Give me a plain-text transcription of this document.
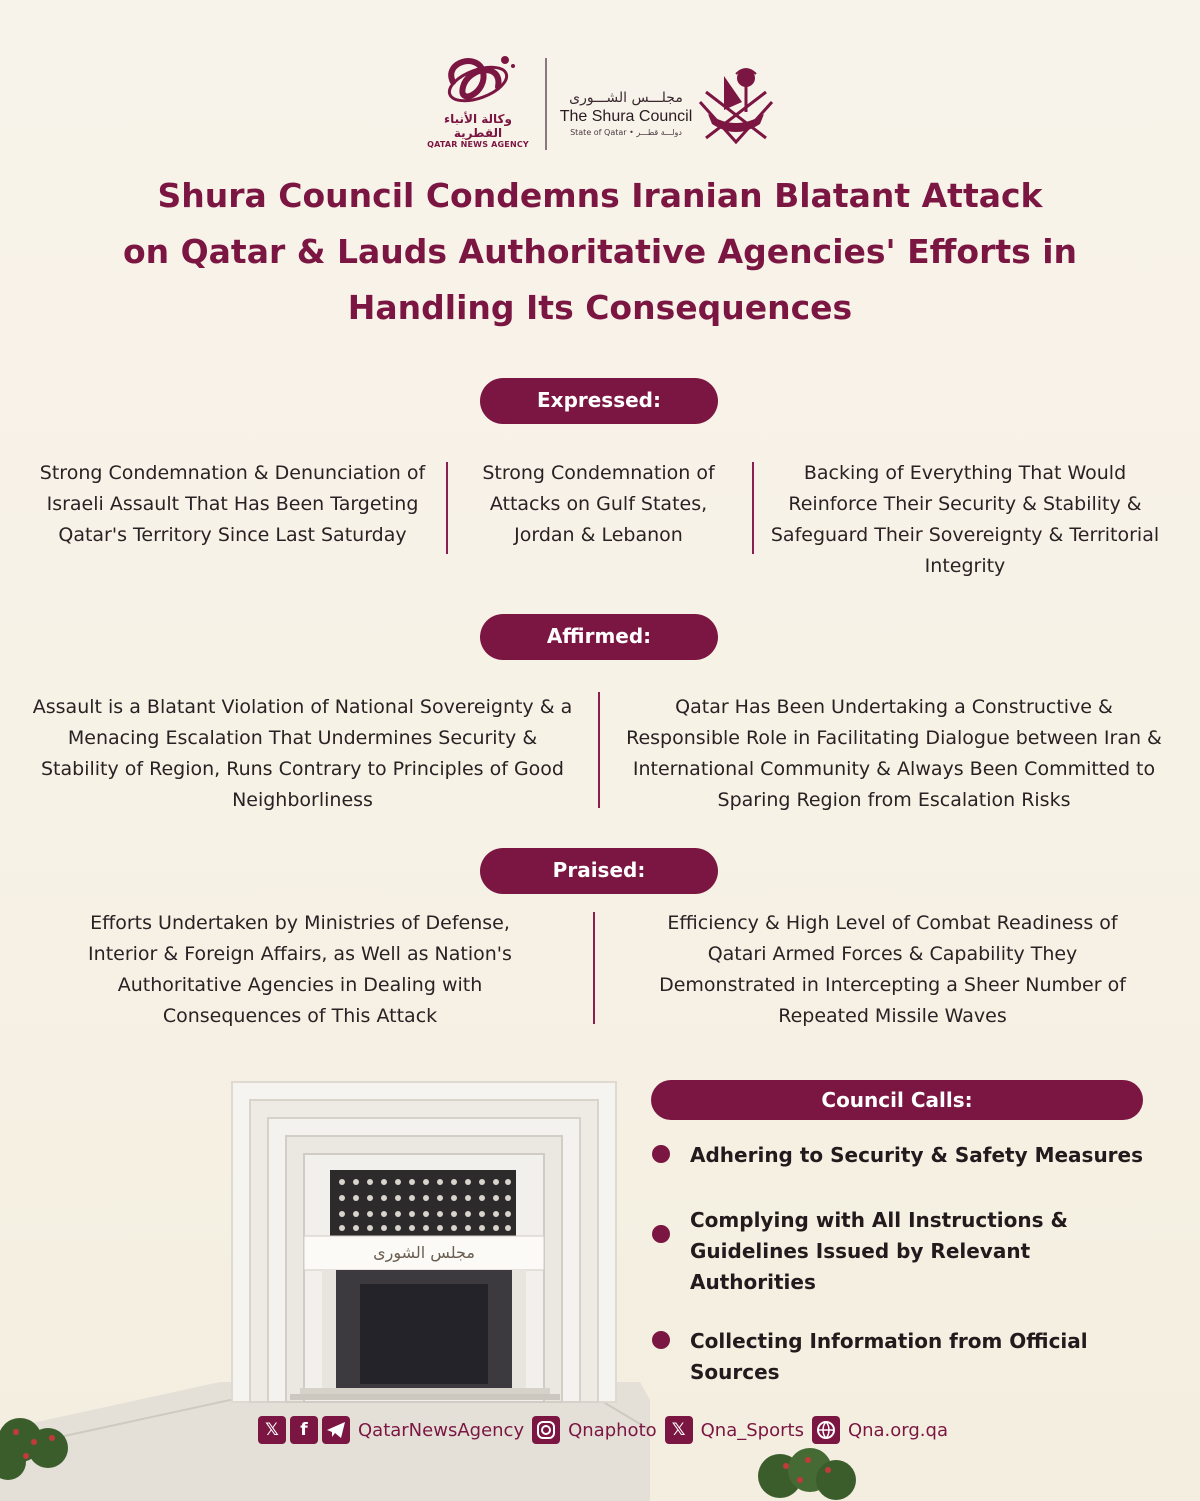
وكالة الأنباء القطرية
QATAR NEWS AGENCY
مجلـــس الشـــورى
The Shura Council
State of Qatar • دولـــة قطـــر
Shura Council Condemns Iranian Blatant Attack
on Qatar & Lauds Authoritative Agencies' Efforts in
Handling Its Consequences
Expressed:
Strong Condemnation & Denunciation of Israeli Assault That Has Been Targeting Qatar's Territory Since Last Saturday
Strong Condemnation of Attacks on Gulf States, Jordan & Lebanon
Backing of Everything That Would Reinforce Their Security & Stability & Safeguard Their Sovereignty & Territorial Integrity
Affirmed:
Assault is a Blatant Violation of National Sovereignty & a Menacing Escalation That Undermines Security & Stability of Region, Runs Contrary to Principles of Good Neighborliness
Qatar Has Been Undertaking a Constructive & Responsible Role in Facilitating Dialogue between Iran & International Community & Always Been Committed to Sparing Region from Escalation Risks
Praised:
Efforts Undertaken by Ministries of Defense, Interior & Foreign Affairs, as Well as Nation's Authoritative Agencies in Dealing with Consequences of This Attack
Efficiency & High Level of Combat Readiness of Qatari Armed Forces & Capability They Demonstrated in Intercepting a Sheer Number of Repeated Missile Waves
مجلس الشورى
Council Calls:
Adhering to Security & Safety Measures
Complying with All Instructions & Guidelines Issued by Relevant Authorities
Collecting Information from Official Sources
𝕏	f	QatarNewsAgency Qnaphoto 𝕏 Qna_Sports Qna.org.qa
